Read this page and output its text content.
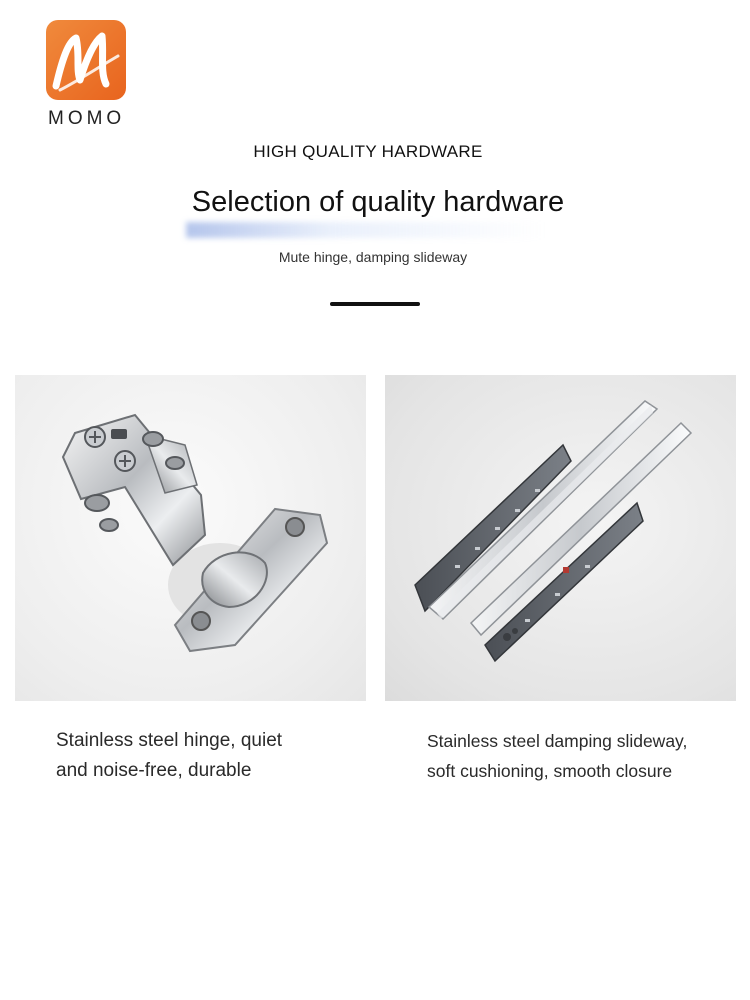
MOMO
HIGH QUALITY HARDWARE
Selection of quality hardware
Mute hinge, damping slideway
Stainless steel hinge, quiet
and noise-free, durable
Stainless steel damping slideway,
soft cushioning, smooth closure
